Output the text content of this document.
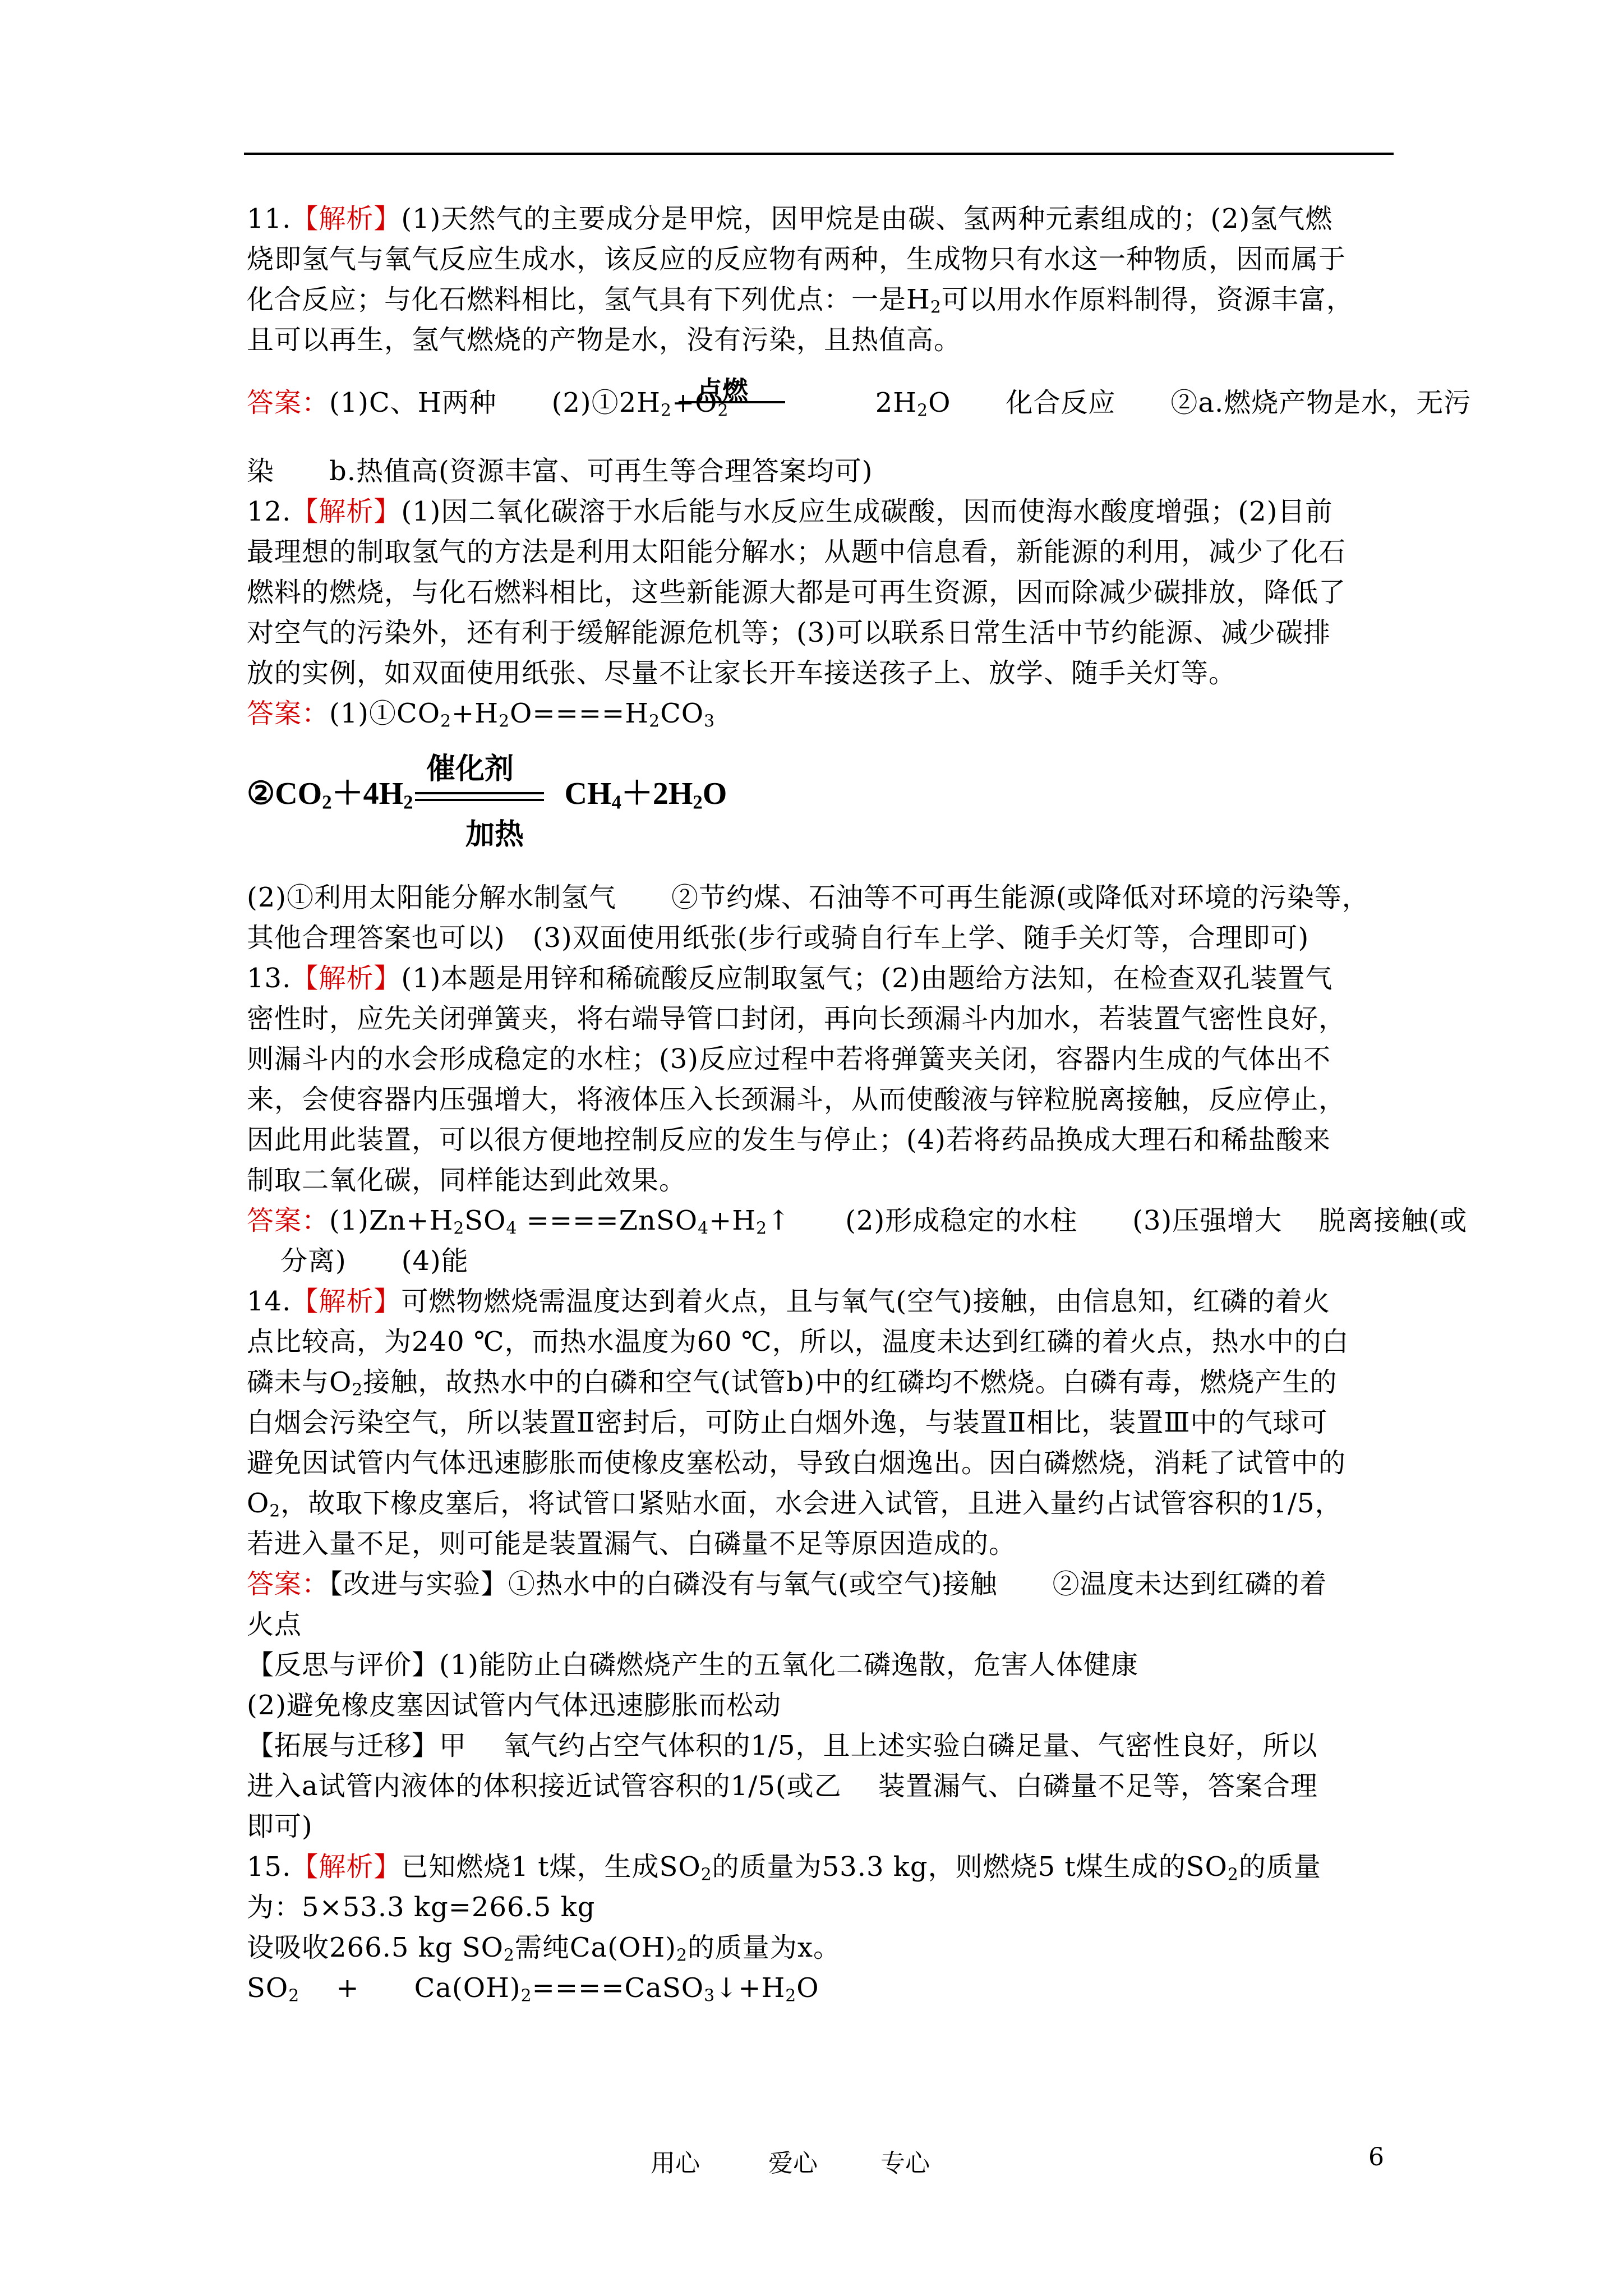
11.【解析】(1)天然气的主要成分是甲烷，因甲烷是由碳、氢两种元素组成的；(2)氢气燃
烧即氢气与氧气反应生成水，该反应的反应物有两种，生成物只有水这一种物质，因而属于
化合反应；与化石燃料相比，氢气具有下列优点：一是$H_2$可以用水作原料制得，资源丰富，
且可以再生，氢气燃烧的产物是水，没有污染，且热值高。
答案：(1)C、H两种　　$(2)①2H_2+O_2$　　　　　 $2H_2O$　　化合反应　　②a.燃烧产物是水，无污
点燃
染　　b.热值高(资源丰富、可再生等合理答案均可)
12.【解析】(1)因二氧化碳溶于水后能与水反应生成碳酸，因而使海水酸度增强；(2)目前
最理想的制取氢气的方法是利用太阳能分解水；从题中信息看，新能源的利用，减少了化石
燃料的燃烧，与化石燃料相比，这些新能源大都是可再生资源，因而除减少碳排放，降低了
对空气的污染外，还有利于缓解能源危机等；(3)可以联系日常生活中节约能源、减少碳排
放的实例，如双面使用纸张、尽量不让家长开车接送孩子上、放学、随手关灯等。
答案：$(1)①CO_2+H_2O====H_2CO_3$
催化剂
$②CO_2+4H_2$	$CH_4+2H_2O$
加热
(2)①利用太阳能分解水制氢气　　②节约煤、石油等不可再生能源(或降低对环境的污染等，
其他合理答案也可以)　(3)双面使用纸张(步行或骑自行车上学、随手关灯等，合理即可)
13.【解析】(1)本题是用锌和稀硫酸反应制取氢气；(2)由题给方法知，在检查双孔装置气
密性时，应先关闭弹簧夹，将右端导管口封闭，再向长颈漏斗内加水，若装置气密性良好，
则漏斗内的水会形成稳定的水柱；(3)反应过程中若将弹簧夹关闭，容器内生成的气体出不
来，会使容器内压强增大，将液体压入长颈漏斗，从而使酸液与锌粒脱离接触，反应停止，
因此用此装置，可以很方便地控制反应的发生与停止；(4)若将药品换成大理石和稀盐酸来
制取二氧化碳，同样能达到此效果。
答案：$(1)Zn+H_2SO_4$ $====ZnSO_4+H_2↑$　　(2)形成稳定的水柱　　(3)压强增大　 脱离接触(或
分离)　　(4)能
14.【解析】可燃物燃烧需温度达到着火点，且与氧气(空气)接触，由信息知，红磷的着火
点比较高，为240 ℃，而热水温度为60 ℃，所以，温度未达到红磷的着火点，热水中的白
磷未与$O_2$接触，故热水中的白磷和空气(试管b)中的红磷均不燃烧。白磷有毒，燃烧产生的
白烟会污染空气，所以装置Ⅱ密封后，可防止白烟外逸，与装置Ⅱ相比，装置Ⅲ中的气球可
避免因试管内气体迅速膨胀而使橡皮塞松动，导致白烟逸出。因白磷燃烧，消耗了试管中的
$O_2$，故取下橡皮塞后，将试管口紧贴水面，水会进入试管，且进入量约占试管容积的1/5，
若进入量不足，则可能是装置漏气、白磷量不足等原因造成的。
答案：【改进与实验】①热水中的白磷没有与氧气(或空气)接触　　②温度未达到红磷的着
火点
【反思与评价】(1)能防止白磷燃烧产生的五氧化二磷逸散，危害人体健康
(2)避免橡皮塞因试管内气体迅速膨胀而松动
【拓展与迁移】甲　 氧气约占空气体积的1/5，且上述实验白磷足量、气密性良好，所以
进入a试管内液体的体积接近试管容积的1/5(或乙　 装置漏气、白磷量不足等，答案合理
即可)
15.【解析】已知燃烧1 t煤，生成$SO_2$的质量为53.3 kg，则燃烧5 t煤生成的$SO_2$的质量
为：5×53.3 kg=266.5 kg
设吸收266.5 kg $SO_2$需纯$Ca(OH)_2$的质量为x。
$SO_2$　 +　　$Ca(OH)_2====CaSO_3↓+H_2O$
用心	爱心	专心	6
